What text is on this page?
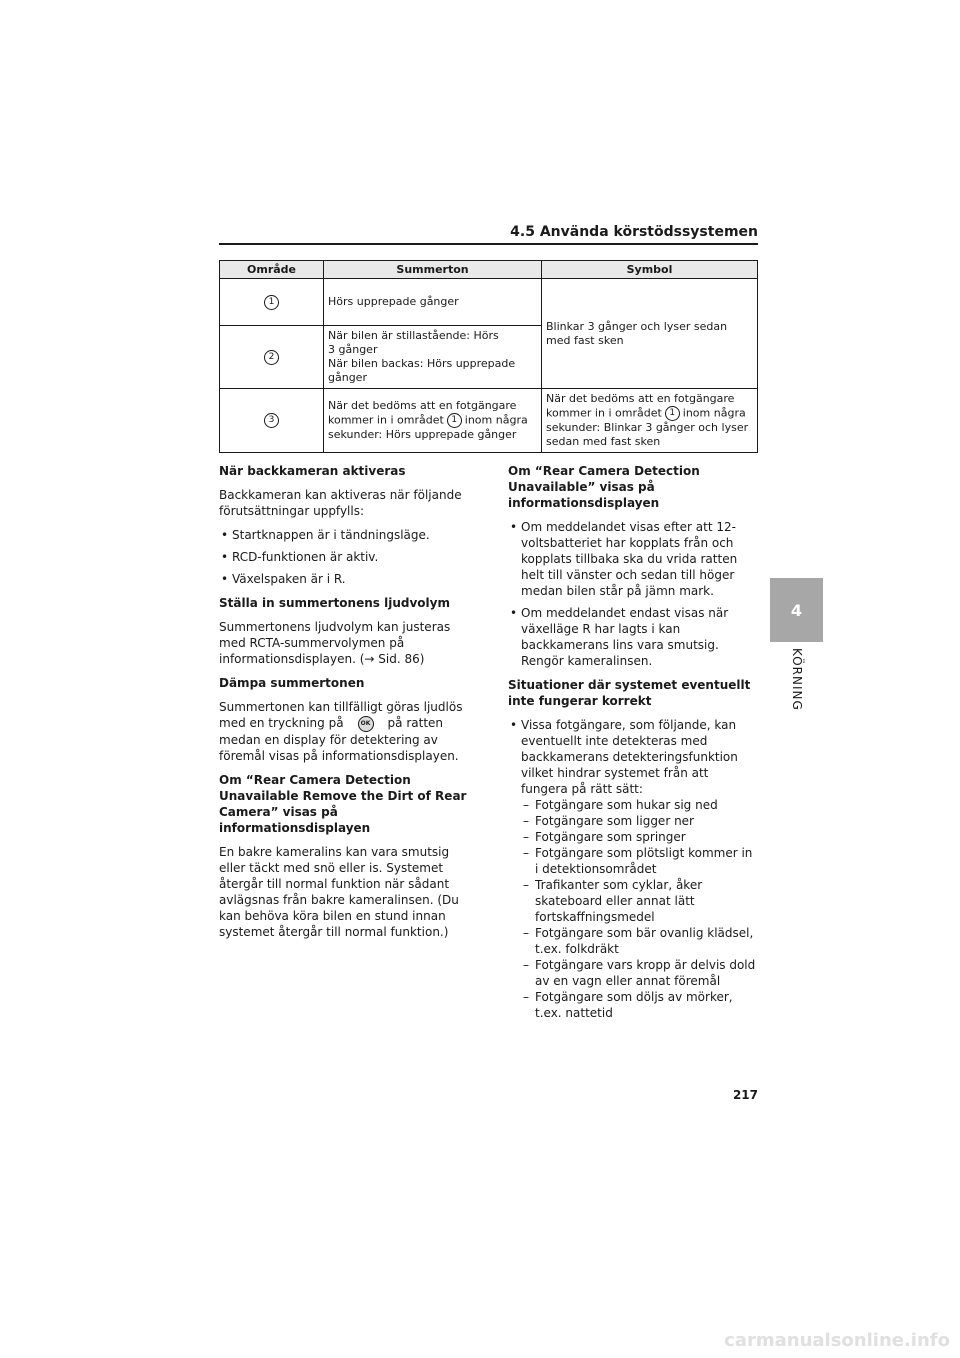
4.5 Använda körstödssystemen
Område	Summerton	Symbol
1	Hörs upprepade gånger	Blinkar 3 gånger och lyser sedan med fast sken
2	När bilen är stillastående: Hörs
3 gånger
När bilen backas: Hörs upprepade
gånger	

3	När det bedöms att en fotgängare kommer in i området 1 inom några sekunder: Hörs upprepade gånger	När det bedöms att en fotgängare kommer in i området 1 inom några sekunder: Blinkar 3 gånger och lyser sedan med fast sken
När backkameran aktiveras

Backkameran kan aktiveras när följande förutsättningar uppfylls:

• Startknappen är i tändningsläge.
• RCD-funktionen är aktiv.
• Växelspaken är i R.
Ställa in summertonens ljudvolym

Summertonens ljudvolym kan justeras med RCTA-summervolymen på informationsdisplayen. (→ Sid. 86)

Dämpa summertonen

Summertonen kan tillfälligt göras ljudlös med en tryckning på	OK på ratten medan en display för detektering av föremål visas på informationsdisplayen.

Om “Rear Camera Detection Unavailable Remove the Dirt of Rear Camera” visas på informationsdisplayen

En bakre kameralins kan vara smutsig eller täckt med snö eller is. Systemet återgår till normal funktion när sådant avlägsnas från bakre kameralinsen. (Du kan behöva köra bilen en stund innan systemet återgår till normal funktion.)

Om “Rear Camera Detection Unavailable” visas på informationsdisplayen
• Om meddelandet visas efter att 12-voltsbatteriet har kopplats från och kopplats tillbaka ska du vrida ratten helt till vänster och sedan till höger medan bilen står på jämn mark.
• Om meddelandet endast visas när växelläge R har lagts i kan backkamerans lins vara smutsig. Rengör kameralinsen.
Situationer där systemet eventuellt inte fungerar korrekt
• Vissa fotgängare, som följande, kan eventuellt inte detekteras med backkamerans detekteringsfunktion vilket hindrar systemet från att fungera på rätt sätt:
– Fotgängare som hukar sig ned
– Fotgängare som ligger ner
– Fotgängare som springer
– Fotgängare som plötsligt kommer in i detektionsområdet
– Trafikanter som cyklar, åker skateboard eller annat lätt fortskaffningsmedel
– Fotgängare som bär ovanlig klädsel, t.ex. folkdräkt
– Fotgängare vars kropp är delvis dold av en vagn eller annat föremål
– Fotgängare som döljs av mörker, t.ex. nattetid
4
KÖRNING
217
carmanualsonline.info
